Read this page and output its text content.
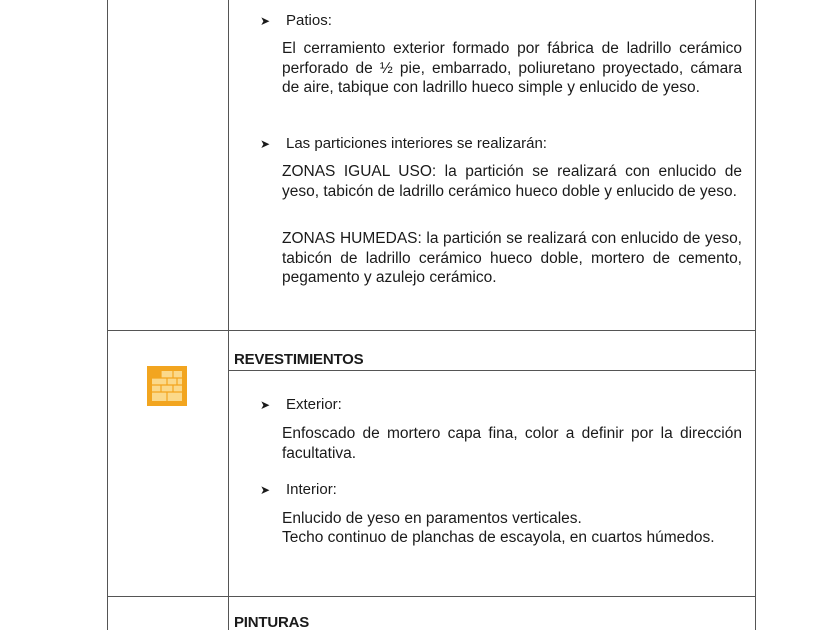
➤	Patios:

El cerramiento exterior formado por fábrica de ladrillo cerámico perforado de ½ pie, embarrado, poliuretano proyectado, cámara de aire, tabique con ladrillo hueco simple y enlucido de yeso.

➤	Las particiones interiores se realizarán:

ZONAS IGUAL USO: la partición se realizará con enlucido de yeso, tabicón de ladrillo cerámico hueco doble y enlucido de yeso.

ZONAS HUMEDAS: la partición se realizará con enlucido de yeso, tabicón de ladrillo cerámico hueco doble, mortero de cemento, pegamento y azulejo cerámico.

REVESTIMIENTOS

➤	Exterior:

Enfoscado de mortero capa fina, color a definir por la dirección facultativa.

➤	Interior:

Enlucido de yeso en paramentos verticales.

Techo continuo de planchas de escayola, en cuartos húmedos.

PINTURAS
